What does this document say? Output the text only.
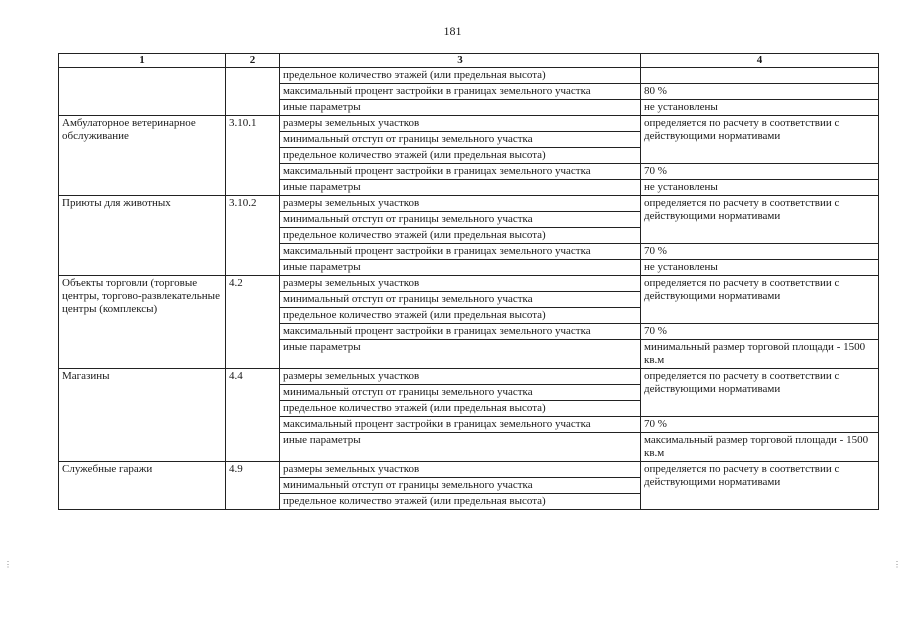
181
1	2	3	4
		предельное количество этажей (или предельная высота)	
		максимальный процент застройки в границах земельного участка	80 %
		иные параметры	не установлены
Амбулаторное ветеринарное обслуживание	3.10.1	размеры земельных участков	определяется по расчету в соответствии с действующими нормативами
		минимальный отступ от границы земельного участка	
		предельное количество этажей (или предельная высота)	
		максимальный процент застройки в границах земельного участка	70 %
		иные параметры	не установлены
Приюты для животных	3.10.2	размеры земельных участков	определяется по расчету в соответствии с действующими нормативами
		минимальный отступ от границы земельного участка	
		предельное количество этажей (или предельная высота)	
		максимальный процент застройки в границах земельного участка	70 %
		иные параметры	не установлены
Объекты торговли (торговые центры, торгово-развлекательные центры (комплексы)	4.2	размеры земельных участков	определяется по расчету в соответствии с действующими нормативами
		минимальный отступ от границы земельного участка	
		предельное количество этажей (или предельная высота)	
		максимальный процент застройки в границах земельного участка	70 %
		иные параметры	минимальный размер торговой площади - 1500 кв.м
Магазины	4.4	размеры земельных участков	определяется по расчету в соответствии с действующими нормативами
		минимальный отступ от границы земельного участка	
		предельное количество этажей (или предельная высота)	
		максимальный процент застройки в границах земельного участка	70 %
		иные параметры	максимальный размер торговой площади - 1500 кв.м
Служебные гаражи	4.9	размеры земельных участков	определяется по расчету в соответствии с действующими нормативами
		минимальный отступ от границы земельного участка	
		предельное количество этажей (или предельная высота)	
⋮	⋮
